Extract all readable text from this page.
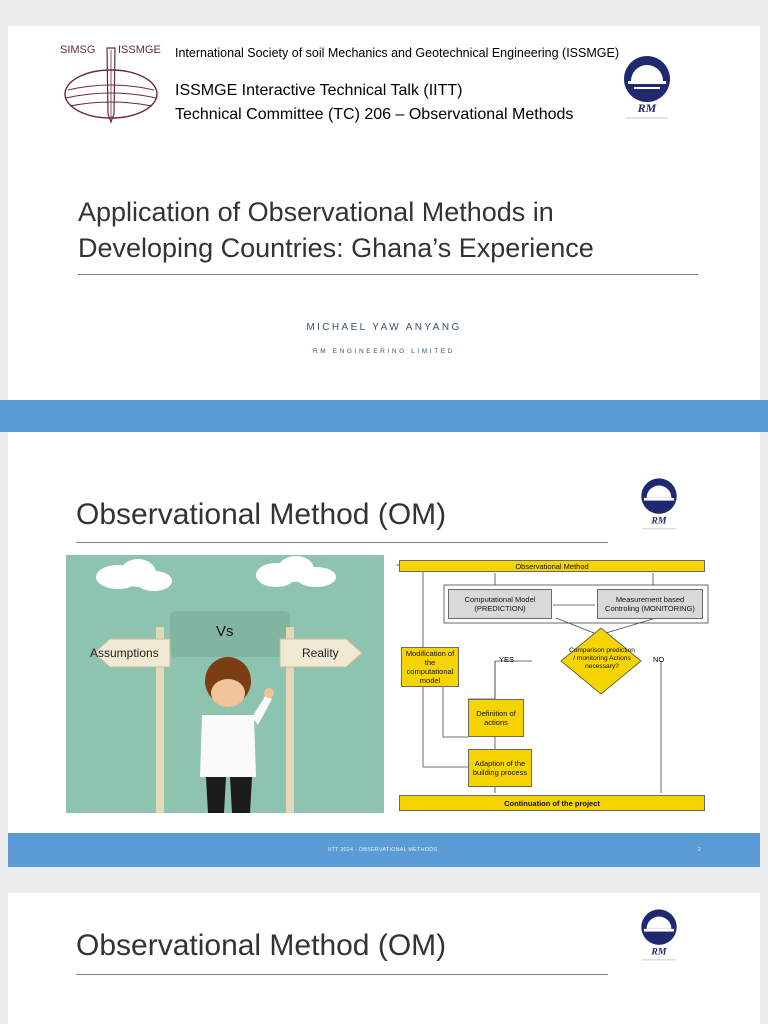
SIMSG ISSMGE International Society of soil Mechanics and Geotechnical Engineering (ISSMGE)
ISSMGE Interactive Technical Talk (IITT)
Technical Committee (TC) 206 – Observational Methods	RM
Application of Observational Methods in
Developing Countries: Ghana’s Experience
MICHAEL YAW ANYANG
RM ENGINEERING LIMITED
Observational Method (OM)	RM
Assumptions	Reality
Vs
Observational Method
Computational Model (PREDICTION)
Measurement based Controling (MONITORING)
Comparison prediction / monitoring Actions necessary?
YES	NO
Modification of the computational model
Definition of actions
Adaption of the building process
Continuation of the project
IITT 2024 - OBSERVATIONAL METHODS	2
Observational Method (OM)	RM
